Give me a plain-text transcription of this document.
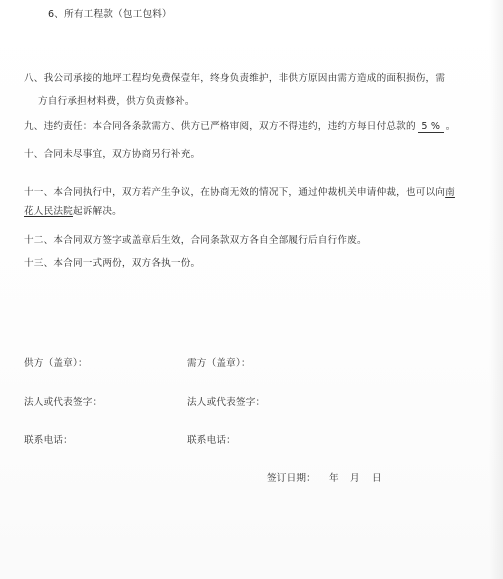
6、所有工程款（包工包料）
八、我公司承接的地坪工程均免费保壹年，终身负责维护，非供方原因由需方造成的面积损伤，需
方自行承担材料费，供方负责修补。
九、违约责任：本合同各条款需方、供方已严格审阅，双方不得违约，违约方每日付总款的 5 % 。
十、合同未尽事宜，双方协商另行补充。
十一、本合同执行中，双方若产生争议，在协商无效的情况下，通过仲裁机关申请仲裁，也可以向南
花人民法院起诉解决。
十二、本合同双方签字或盖章后生效，合同条款双方各自全部履行后自行作废。
十三、本合同一式两份，双方各执一份。
供方（盖章）：	需方（盖章）：
法人或代表签字：	法人或代表签字：
联系电话：	联系电话：
签订日期： 年 月 日
